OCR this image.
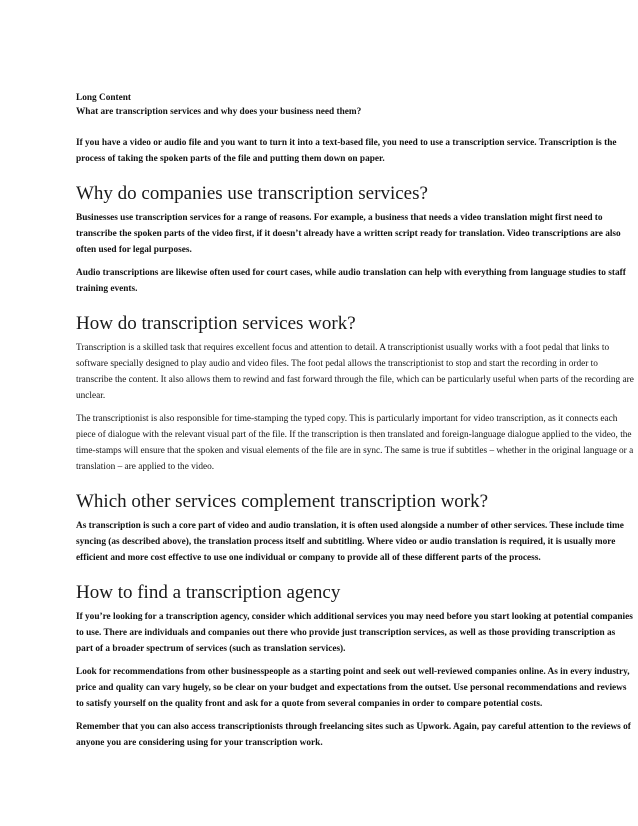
Long Content
What are transcription services and why does your business need them?

If you have a video or audio file and you want to turn it into a text-based file, you need to use a transcription service. Transcription is the process of taking the spoken parts of the file and putting them down on paper.

Why do companies use transcription services?

Businesses use transcription services for a range of reasons. For example, a business that needs a video translation might first need to transcribe the spoken parts of the video first, if it doesn’t already have a written script ready for translation. Video transcriptions are also often used for legal purposes.

Audio transcriptions are likewise often used for court cases, while audio translation can help with everything from language studies to staff training events.

How do transcription services work?

Transcription is a skilled task that requires excellent focus and attention to detail. A transcriptionist usually works with a foot pedal that links to software specially designed to play audio and video files. The foot pedal allows the transcriptionist to stop and start the recording in order to transcribe the content. It also allows them to rewind and fast forward through the file, which can be particularly useful when parts of the recording are unclear.

The transcriptionist is also responsible for time-stamping the typed copy. This is particularly important for video transcription, as it connects each piece of dialogue with the relevant visual part of the file. If the transcription is then translated and foreign-language dialogue applied to the video, the time-stamps will ensure that the spoken and visual elements of the file are in sync. The same is true if subtitles – whether in the original language or a translation – are applied to the video.

Which other services complement transcription work?

As transcription is such a core part of video and audio translation, it is often used alongside a number of other services. These include time syncing (as described above), the translation process itself and subtitling. Where video or audio translation is required, it is usually more efficient and more cost effective to use one individual or company to provide all of these different parts of the process.

How to find a transcription agency

If you’re looking for a transcription agency, consider which additional services you may need before you start looking at potential companies to use. There are individuals and companies out there who provide just transcription services, as well as those providing transcription as part of a broader spectrum of services (such as translation services).

Look for recommendations from other businesspeople as a starting point and seek out well-reviewed companies online. As in every industry, price and quality can vary hugely, so be clear on your budget and expectations from the outset. Use personal recommendations and reviews to satisfy yourself on the quality front and ask for a quote from several companies in order to compare potential costs.

Remember that you can also access transcriptionists through freelancing sites such as Upwork. Again, pay careful attention to the reviews of anyone you are considering using for your transcription work.
